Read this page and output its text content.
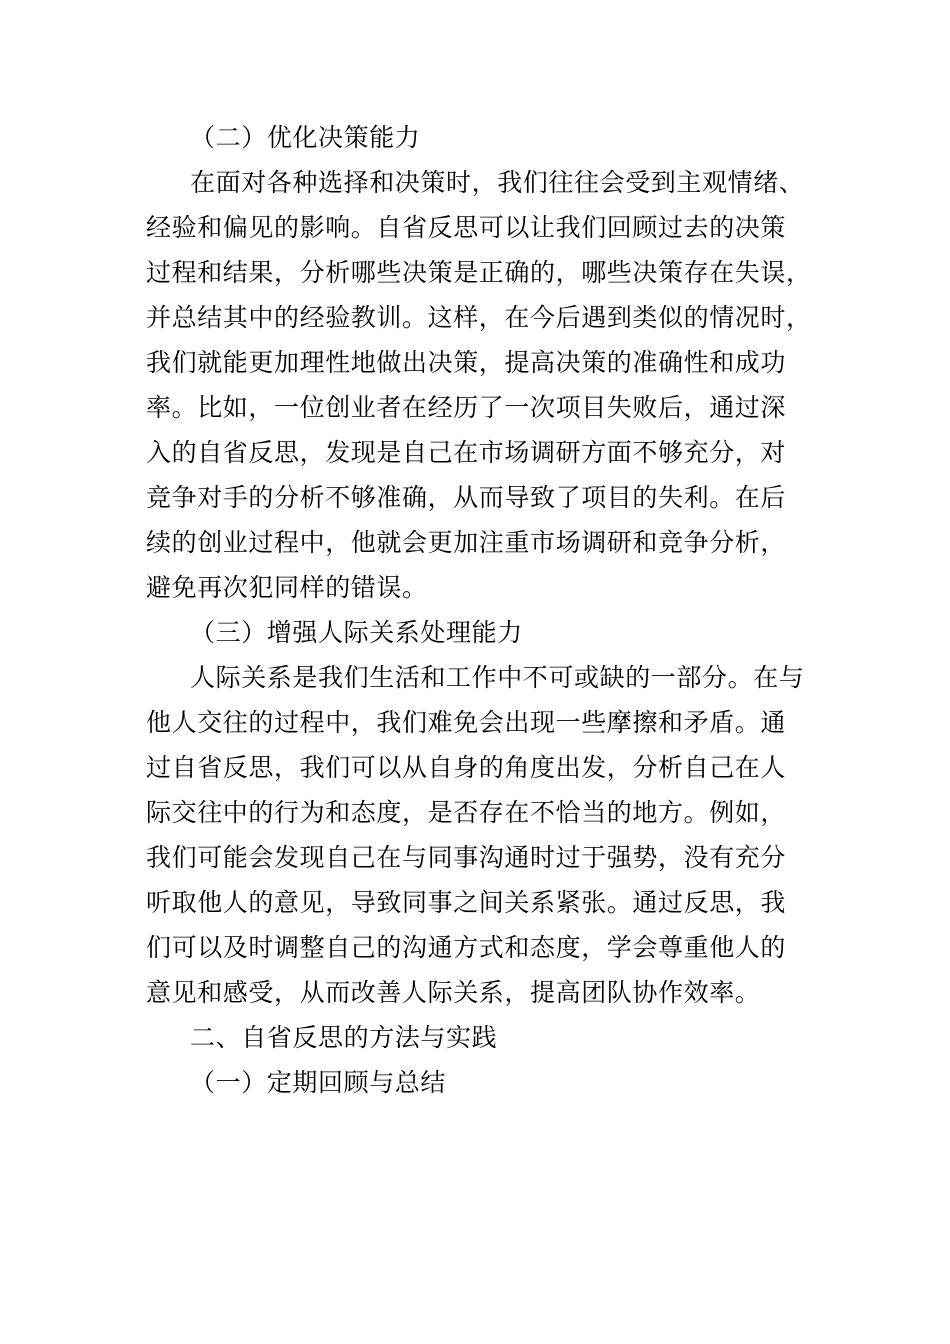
（二）优化决策能力

在面对各种选择和决策时，我们往往会受到主观情绪、

经验和偏见的影响。自省反思可以让我们回顾过去的决策

过程和结果，分析哪些决策是正确的，哪些决策存在失误，

并总结其中的经验教训。这样，在今后遇到类似的情况时，

我们就能更加理性地做出决策，提高决策的准确性和成功

率。比如，一位创业者在经历了一次项目失败后，通过深

入的自省反思，发现是自己在市场调研方面不够充分，对

竞争对手的分析不够准确，从而导致了项目的失利。在后

续的创业过程中，他就会更加注重市场调研和竞争分析，

避免再次犯同样的错误。

（三）增强人际关系处理能力

人际关系是我们生活和工作中不可或缺的一部分。在与

他人交往的过程中，我们难免会出现一些摩擦和矛盾。通

过自省反思，我们可以从自身的角度出发，分析自己在人

际交往中的行为和态度，是否存在不恰当的地方。例如，

我们可能会发现自己在与同事沟通时过于强势，没有充分

听取他人的意见，导致同事之间关系紧张。通过反思，我

们可以及时调整自己的沟通方式和态度，学会尊重他人的

意见和感受，从而改善人际关系，提高团队协作效率。

二、自省反思的方法与实践

（一）定期回顾与总结
